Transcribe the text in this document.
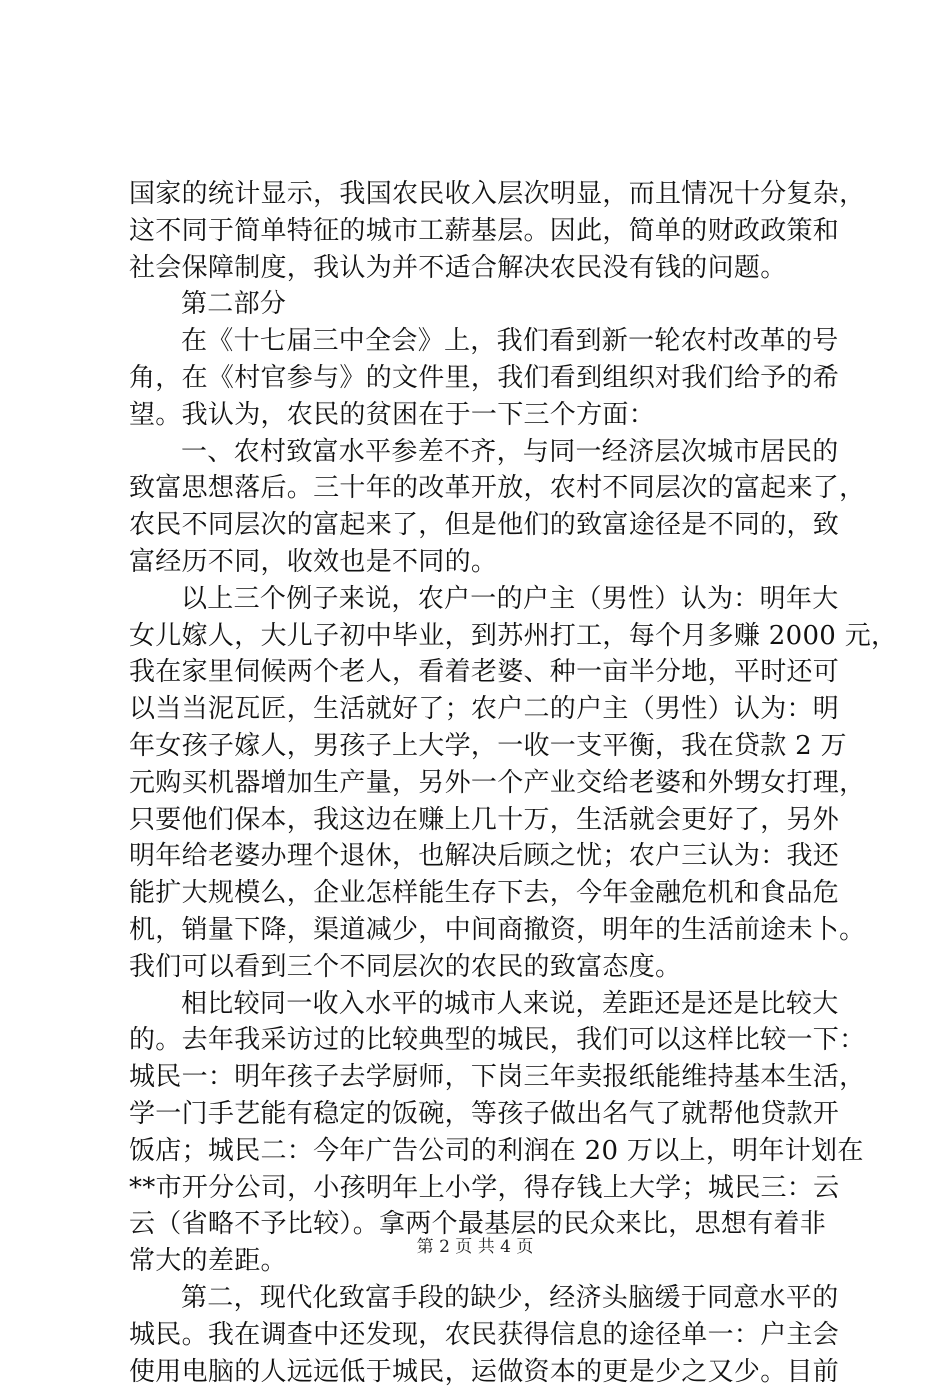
国家的统计显示，我国农民收入层次明显，而且情况十分复杂，
这不同于简单特征的城市工薪基层。因此，简单的财政政策和
社会保障制度，我认为并不适合解决农民没有钱的问题。
第二部分
在《十七届三中全会》上，我们看到新一轮农村改革的号
角，在《村官参与》的文件里，我们看到组织对我们给予的希
望。我认为，农民的贫困在于一下三个方面：
一、农村致富水平参差不齐，与同一经济层次城市居民的
致富思想落后。三十年的改革开放，农村不同层次的富起来了，
农民不同层次的富起来了，但是他们的致富途径是不同的，致
富经历不同，收效也是不同的。
以上三个例子来说，农户一的户主（男性）认为：明年大
女儿嫁人，大儿子初中毕业，到苏州打工，每个月多赚 2000 元，
我在家里伺候两个老人，看着老婆、种一亩半分地，平时还可
以当当泥瓦匠，生活就好了；农户二的户主（男性）认为：明
年女孩子嫁人，男孩子上大学，一收一支平衡，我在贷款 2 万
元购买机器增加生产量，另外一个产业交给老婆和外甥女打理，
只要他们保本，我这边在赚上几十万，生活就会更好了，另外
明年给老婆办理个退休，也解决后顾之忧；农户三认为：我还
能扩大规模么，企业怎样能生存下去，今年金融危机和食品危
机，销量下降，渠道减少，中间商撤资，明年的生活前途未卜。
我们可以看到三个不同层次的农民的致富态度。
相比较同一收入水平的城市人来说，差距还是还是比较大
的。去年我采访过的比较典型的城民，我们可以这样比较一下：
城民一：明年孩子去学厨师，下岗三年卖报纸能维持基本生活，
学一门手艺能有稳定的饭碗，等孩子做出名气了就帮他贷款开
饭店；城民二：今年广告公司的利润在 20 万以上，明年计划在
**市开分公司，小孩明年上小学，得存钱上大学；城民三：云
云（省略不予比较）。拿两个最基层的民众来比，思想有着非
常大的差距。
第二，现代化致富手段的缺少，经济头脑缓于同意水平的
城民。我在调查中还发现，农民获得信息的途径单一：户主会
使用电脑的人远远低于城民，运做资本的更是少之又少。目前
第 2 页 共 4 页
